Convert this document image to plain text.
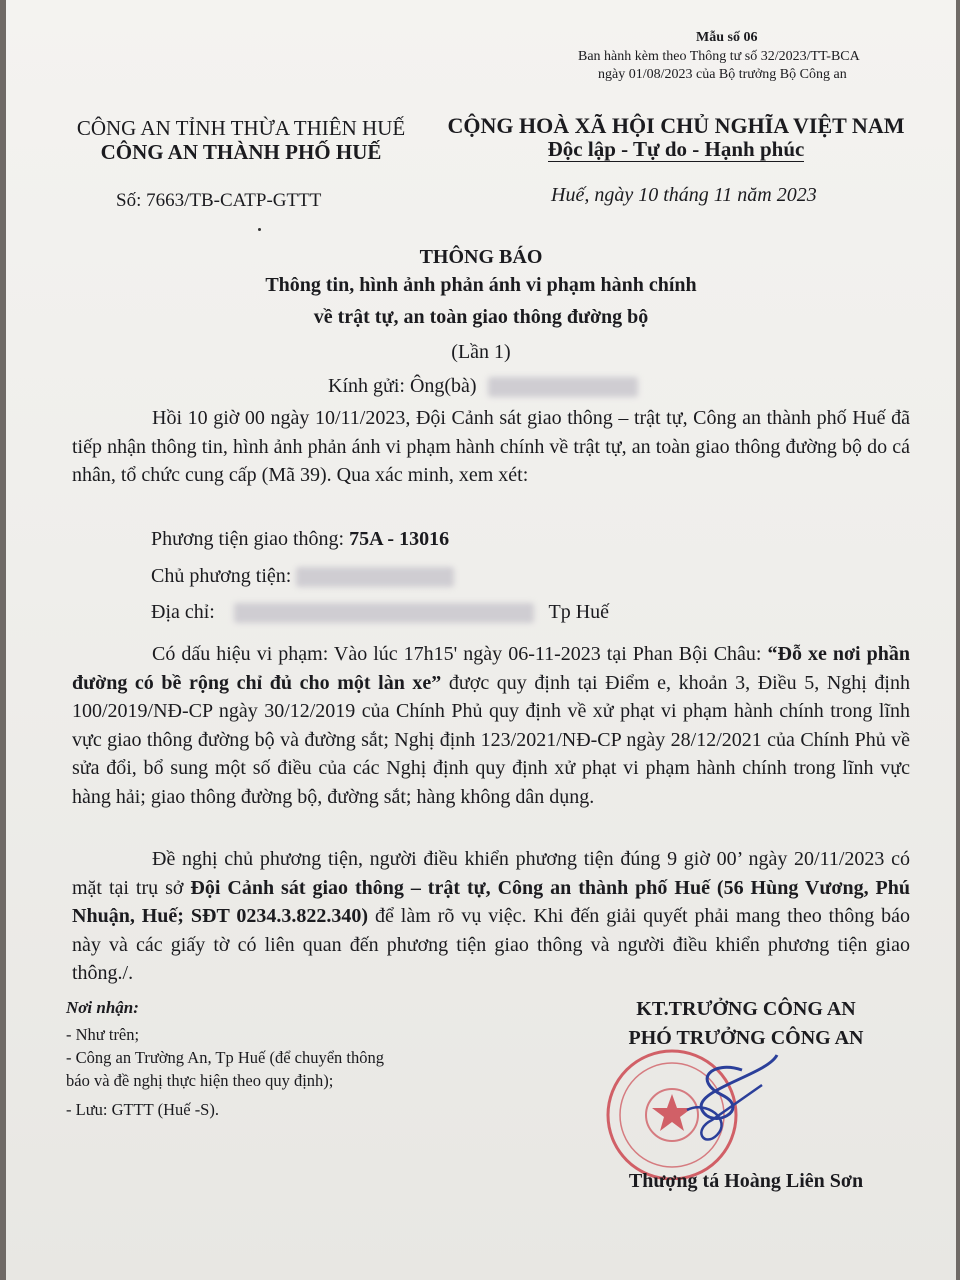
Mẫu số 06
Ban hành kèm theo Thông tư số 32/2023/TT-BCA
ngày 01/08/2023 của Bộ trưởng Bộ Công an
CÔNG AN TỈNH THỪA THIÊN HUẾ
CÔNG AN THÀNH PHỐ HUẾ
CỘNG HOÀ XÃ HỘI CHỦ NGHĨA VIỆT NAM
Độc lập - Tự do - Hạnh phúc
Số: 7663/TB-CATP-GTTT	Huế, ngày 10 tháng 11 năm 2023
THÔNG BÁO
Thông tin, hình ảnh phản ánh vi phạm hành chính
về trật tự, an toàn giao thông đường bộ
(Lần 1)
Kính gửi: Ông(bà)
Hồi 10 giờ 00 ngày 10/11/2023, Đội Cảnh sát giao thông – trật tự, Công an thành phố Huế đã tiếp nhận thông tin, hình ảnh phản ánh vi phạm hành chính về trật tự, an toàn giao thông đường bộ do cá nhân, tổ chức cung cấp (Mã 39). Qua xác minh, xem xét:
Phương tiện giao thông: 75A - 13016
Chủ phương tiện:
Địa chỉ:	Tp Huế
Có dấu hiệu vi phạm: Vào lúc 17h15' ngày 06-11-2023 tại Phan Bội Châu: “Đỗ xe nơi phần đường có bề rộng chỉ đủ cho một làn xe” được quy định tại Điểm e, khoản 3, Điều 5, Nghị định 100/2019/NĐ-CP ngày 30/12/2019 của Chính Phủ quy định về xử phạt vi phạm hành chính trong lĩnh vực giao thông đường bộ và đường sắt; Nghị định 123/2021/NĐ-CP ngày 28/12/2021 của Chính Phủ về sửa đổi, bổ sung một số điều của các Nghị định quy định xử phạt vi phạm hành chính trong lĩnh vực hàng hải; giao thông đường bộ, đường sắt; hàng không dân dụng.
Đề nghị chủ phương tiện, người điều khiển phương tiện đúng 9 giờ 00’ ngày 20/11/2023 có mặt tại trụ sở Đội Cảnh sát giao thông – trật tự, Công an thành phố Huế (56 Hùng Vương, Phú Nhuận, Huế; SĐT 0234.3.822.340) để làm rõ vụ việc. Khi đến giải quyết phải mang theo thông báo này và các giấy tờ có liên quan đến phương tiện giao thông và người điều khiển phương tiện giao thông./.
Nơi nhận:
- Như trên;
- Công an Trường An, Tp Huế (để chuyển thông
báo và đề nghị thực hiện theo quy định);
- Lưu: GTTT (Huế -S).
KT.TRƯỞNG CÔNG AN
PHÓ TRƯỞNG CÔNG AN
Thượng tá Hoàng Liên Sơn
